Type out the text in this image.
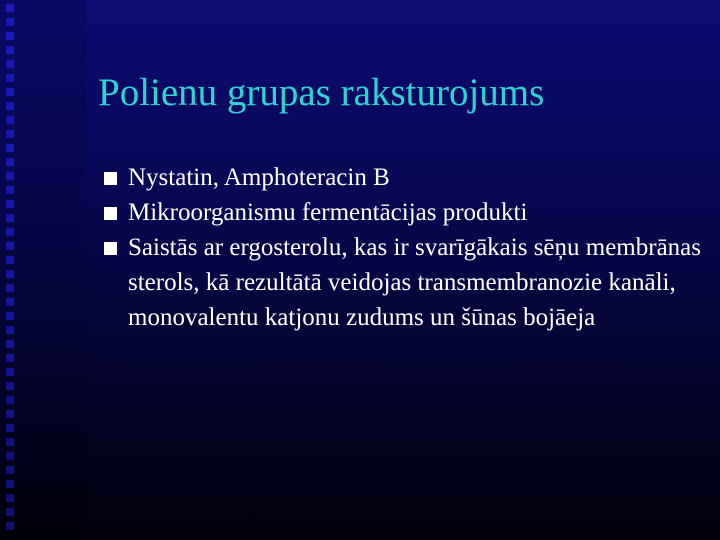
Polienu grupas raksturojums
Nystatin, Amphoteracin B
Mikroorganismu fermentācijas produkti
Saistās ar ergosterolu, kas ir svarīgākais sēņu membrānas sterols, kā rezultātā veidojas transmembranozie kanāli, monovalentu katjonu zudums un šūnas bojāeja
